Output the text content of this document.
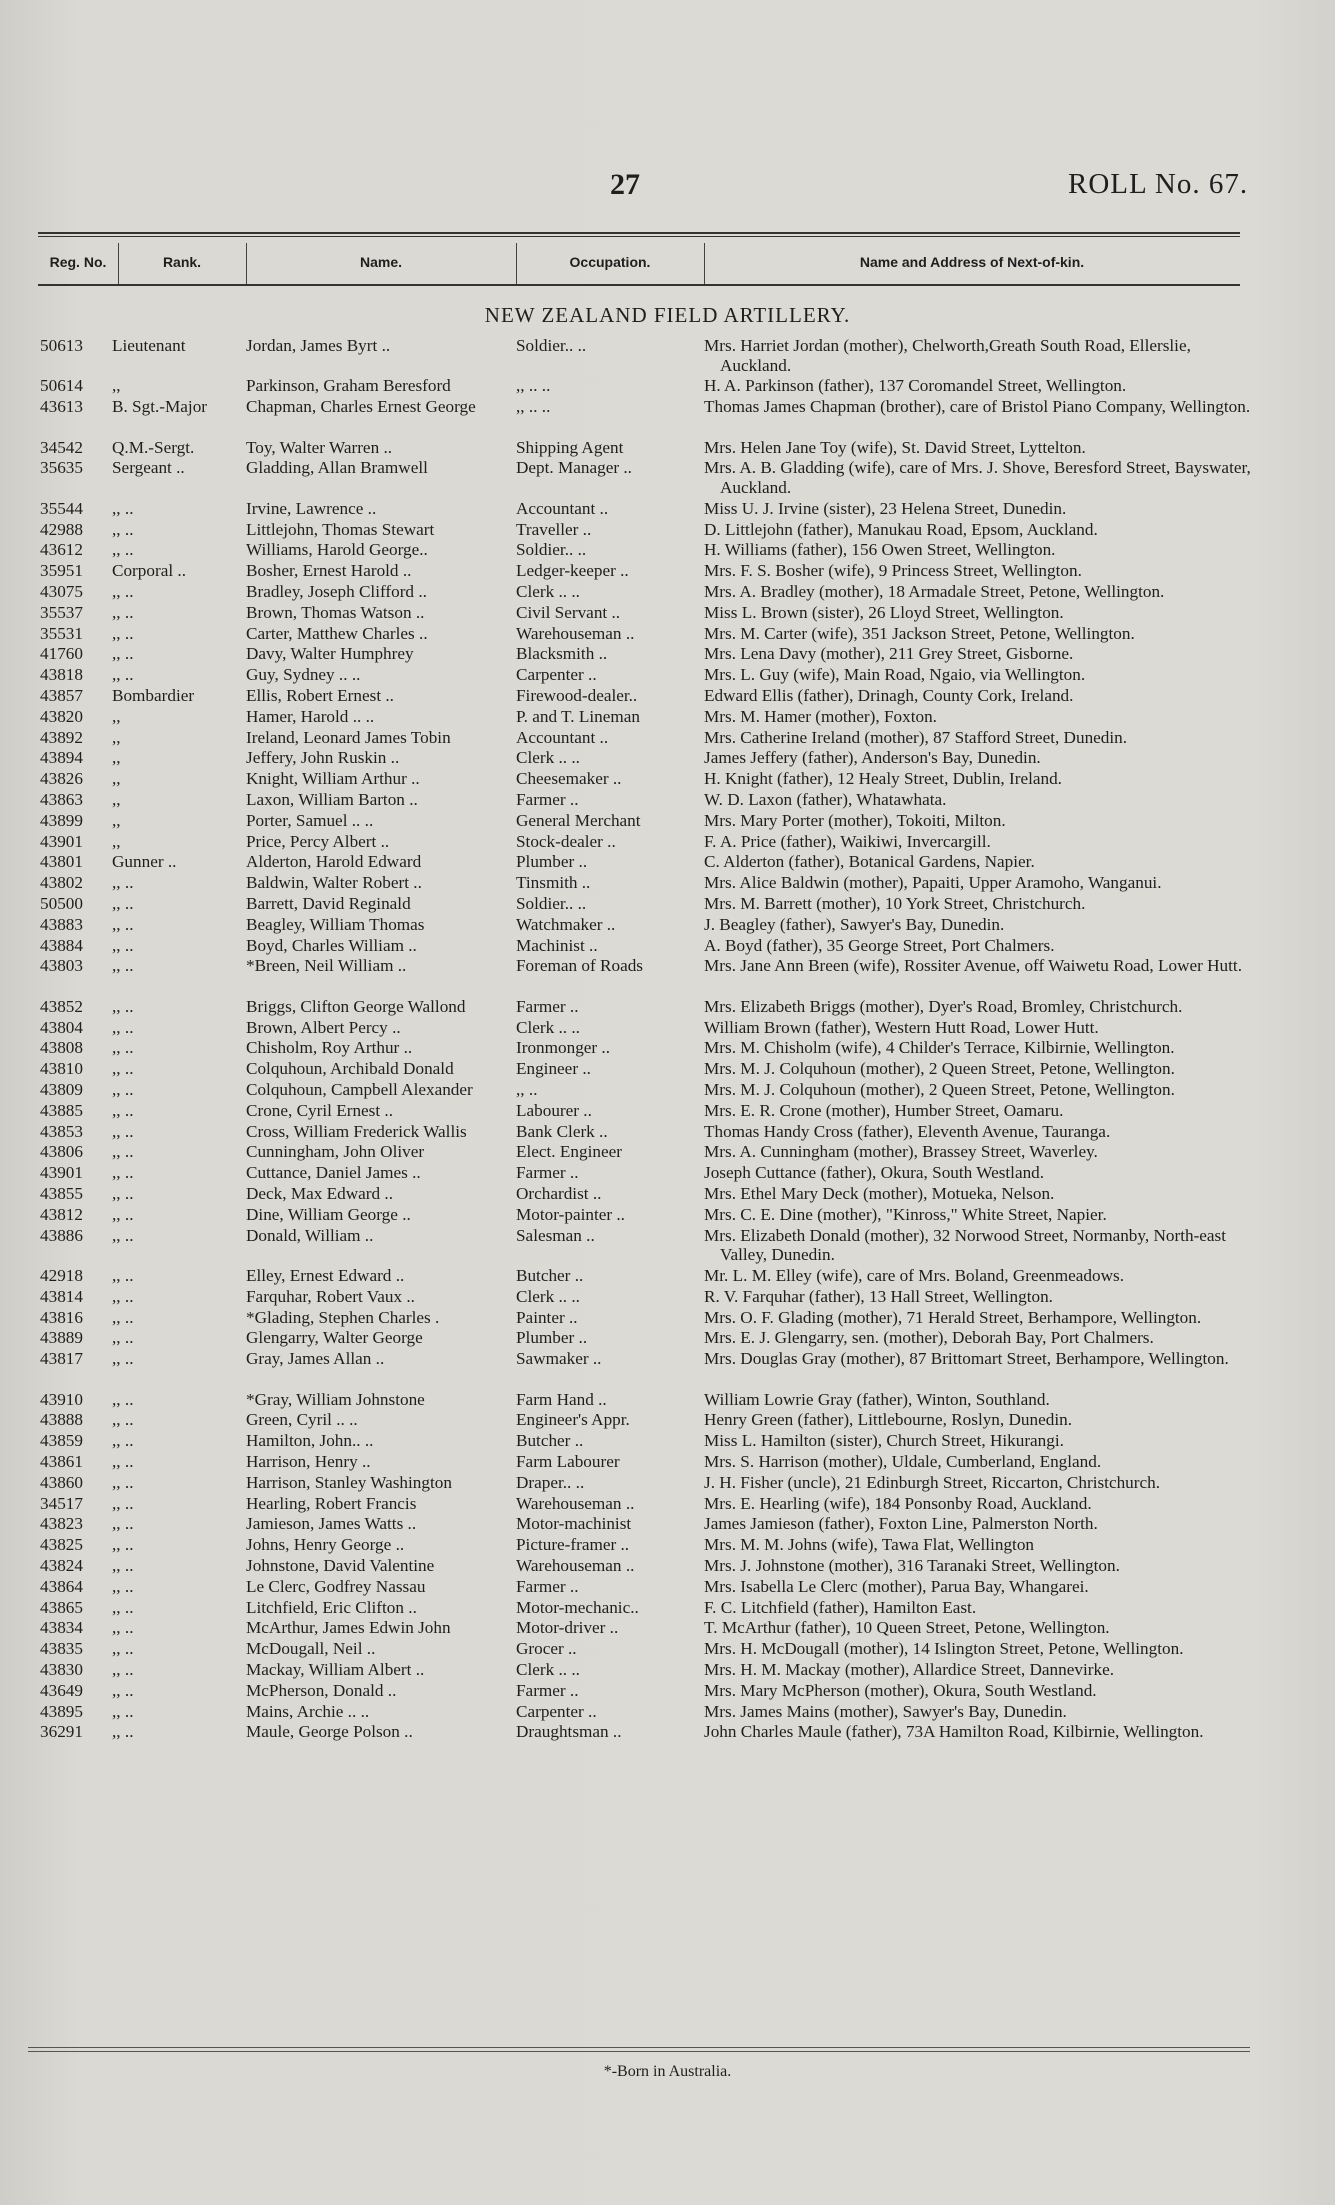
27	ROLL No. 67.
Reg. No.	Rank.	Name.	Occupation.	Name and Address of Next-of-kin.
NEW ZEALAND FIELD ARTILLERY.
50613	Lieutenant	Jordan, James Byrt ..	Soldier.. ..	Mrs. Harriet Jordan (mother), Chelworth,Greath South Road, Ellerslie, Auckland.
50614	,,	Parkinson, Graham Beresford	,, .. ..	H. A. Parkinson (father), 137 Coromandel Street, Wellington.
43613	B. Sgt.-Major	Chapman, Charles Ernest George	,, .. ..	Thomas James Chapman (brother), care of Bristol Piano Company, Wellington.
34542	Q.M.-Sergt.	Toy, Walter Warren ..	Shipping Agent	Mrs. Helen Jane Toy (wife), St. David Street, Lyttelton.
35635	Sergeant ..	Gladding, Allan Bramwell	Dept. Manager ..	Mrs. A. B. Gladding (wife), care of Mrs. J. Shove, Beresford Street, Bayswater, Auckland.
35544	,, ..	Irvine, Lawrence ..	Accountant ..	Miss U. J. Irvine (sister), 23 Helena Street, Dunedin.
42988	,, ..	Littlejohn, Thomas Stewart	Traveller ..	D. Littlejohn (father), Manukau Road, Epsom, Auckland.
43612	,, ..	Williams, Harold George..	Soldier.. ..	H. Williams (father), 156 Owen Street, Wellington.
35951	Corporal ..	Bosher, Ernest Harold ..	Ledger-keeper ..	Mrs. F. S. Bosher (wife), 9 Princess Street, Wellington.
43075	,, ..	Bradley, Joseph Clifford ..	Clerk .. ..	Mrs. A. Bradley (mother), 18 Armadale Street, Petone, Wellington.
35537	,, ..	Brown, Thomas Watson ..	Civil Servant ..	Miss L. Brown (sister), 26 Lloyd Street, Wellington.
35531	,, ..	Carter, Matthew Charles ..	Warehouseman ..	Mrs. M. Carter (wife), 351 Jackson Street, Petone, Wellington.
41760	,, ..	Davy, Walter Humphrey	Blacksmith ..	Mrs. Lena Davy (mother), 211 Grey Street, Gisborne.
43818	,, ..	Guy, Sydney .. ..	Carpenter ..	Mrs. L. Guy (wife), Main Road, Ngaio, via Wellington.
43857	Bombardier	Ellis, Robert Ernest ..	Firewood-dealer..	Edward Ellis (father), Drinagh, County Cork, Ireland.
43820	,,	Hamer, Harold .. ..	P. and T. Lineman	Mrs. M. Hamer (mother), Foxton.
43892	,,	Ireland, Leonard James Tobin	Accountant ..	Mrs. Catherine Ireland (mother), 87 Stafford Street, Dunedin.
43894	,,	Jeffery, John Ruskin ..	Clerk .. ..	James Jeffery (father), Anderson's Bay, Dunedin.
43826	,,	Knight, William Arthur ..	Cheesemaker ..	H. Knight (father), 12 Healy Street, Dublin, Ireland.
43863	,,	Laxon, William Barton ..	Farmer ..	W. D. Laxon (father), Whatawhata.
43899	,,	Porter, Samuel .. ..	General Merchant	Mrs. Mary Porter (mother), Tokoiti, Milton.
43901	,,	Price, Percy Albert ..	Stock-dealer ..	F. A. Price (father), Waikiwi, Invercargill.
43801	Gunner ..	Alderton, Harold Edward	Plumber ..	C. Alderton (father), Botanical Gardens, Napier.
43802	,, ..	Baldwin, Walter Robert ..	Tinsmith ..	Mrs. Alice Baldwin (mother), Papaiti, Upper Aramoho, Wanganui.
50500	,, ..	Barrett, David Reginald	Soldier.. ..	Mrs. M. Barrett (mother), 10 York Street, Christchurch.
43883	,, ..	Beagley, William Thomas	Watchmaker ..	J. Beagley (father), Sawyer's Bay, Dunedin.
43884	,, ..	Boyd, Charles William ..	Machinist ..	A. Boyd (father), 35 George Street, Port Chalmers.
43803	,, ..	*Breen, Neil William ..	Foreman of Roads	Mrs. Jane Ann Breen (wife), Rossiter Avenue, off Waiwetu Road, Lower Hutt.
43852	,, ..	Briggs, Clifton George Wallond	Farmer ..	Mrs. Elizabeth Briggs (mother), Dyer's Road, Bromley, Christchurch.
43804	,, ..	Brown, Albert Percy ..	Clerk .. ..	William Brown (father), Western Hutt Road, Lower Hutt.
43808	,, ..	Chisholm, Roy Arthur ..	Ironmonger ..	Mrs. M. Chisholm (wife), 4 Childer's Terrace, Kilbirnie, Wellington.
43810	,, ..	Colquhoun, Archibald Donald	Engineer ..	Mrs. M. J. Colquhoun (mother), 2 Queen Street, Petone, Wellington.
43809	,, ..	Colquhoun, Campbell Alexander	,, ..	Mrs. M. J. Colquhoun (mother), 2 Queen Street, Petone, Wellington.
43885	,, ..	Crone, Cyril Ernest ..	Labourer ..	Mrs. E. R. Crone (mother), Humber Street, Oamaru.
43853	,, ..	Cross, William Frederick Wallis	Bank Clerk ..	Thomas Handy Cross (father), Eleventh Avenue, Tauranga.
43806	,, ..	Cunningham, John Oliver	Elect. Engineer	Mrs. A. Cunningham (mother), Brassey Street, Waverley.
43901	,, ..	Cuttance, Daniel James ..	Farmer ..	Joseph Cuttance (father), Okura, South Westland.
43855	,, ..	Deck, Max Edward ..	Orchardist ..	Mrs. Ethel Mary Deck (mother), Motueka, Nelson.
43812	,, ..	Dine, William George ..	Motor-painter ..	Mrs. C. E. Dine (mother), "Kinross," White Street, Napier.
43886	,, ..	Donald, William ..	Salesman ..	Mrs. Elizabeth Donald (mother), 32 Norwood Street, Normanby, North-east Valley, Dunedin.
42918	,, ..	Elley, Ernest Edward ..	Butcher ..	Mr. L. M. Elley (wife), care of Mrs. Boland, Greenmeadows.
43814	,, ..	Farquhar, Robert Vaux ..	Clerk .. ..	R. V. Farquhar (father), 13 Hall Street, Wellington.
43816	,, ..	*Glading, Stephen Charles .	Painter ..	Mrs. O. F. Glading (mother), 71 Herald Street, Berhampore, Wellington.
43889	,, ..	Glengarry, Walter George	Plumber ..	Mrs. E. J. Glengarry, sen. (mother), Deborah Bay, Port Chalmers.
43817	,, ..	Gray, James Allan ..	Sawmaker ..	Mrs. Douglas Gray (mother), 87 Brittomart Street, Berhampore, Wellington.
43910	,, ..	*Gray, William Johnstone	Farm Hand ..	William Lowrie Gray (father), Winton, Southland.
43888	,, ..	Green, Cyril .. ..	Engineer's Appr.	Henry Green (father), Littlebourne, Roslyn, Dunedin.
43859	,, ..	Hamilton, John.. ..	Butcher ..	Miss L. Hamilton (sister), Church Street, Hikurangi.
43861	,, ..	Harrison, Henry ..	Farm Labourer	Mrs. S. Harrison (mother), Uldale, Cumberland, England.
43860	,, ..	Harrison, Stanley Washington	Draper.. ..	J. H. Fisher (uncle), 21 Edinburgh Street, Riccarton, Christchurch.
34517	,, ..	Hearling, Robert Francis	Warehouseman ..	Mrs. E. Hearling (wife), 184 Ponsonby Road, Auckland.
43823	,, ..	Jamieson, James Watts ..	Motor-machinist	James Jamieson (father), Foxton Line, Palmerston North.
43825	,, ..	Johns, Henry George ..	Picture-framer ..	Mrs. M. M. Johns (wife), Tawa Flat, Wellington
43824	,, ..	Johnstone, David Valentine	Warehouseman ..	Mrs. J. Johnstone (mother), 316 Taranaki Street, Wellington.
43864	,, ..	Le Clerc, Godfrey Nassau	Farmer ..	Mrs. Isabella Le Clerc (mother), Parua Bay, Whangarei.
43865	,, ..	Litchfield, Eric Clifton ..	Motor-mechanic..	F. C. Litchfield (father), Hamilton East.
43834	,, ..	McArthur, James Edwin John	Motor-driver ..	T. McArthur (father), 10 Queen Street, Petone, Wellington.
43835	,, ..	McDougall, Neil ..	Grocer ..	Mrs. H. McDougall (mother), 14 Islington Street, Petone, Wellington.
43830	,, ..	Mackay, William Albert ..	Clerk .. ..	Mrs. H. M. Mackay (mother), Allardice Street, Dannevirke.
43649	,, ..	McPherson, Donald ..	Farmer ..	Mrs. Mary McPherson (mother), Okura, South Westland.
43895	,, ..	Mains, Archie .. ..	Carpenter ..	Mrs. James Mains (mother), Sawyer's Bay, Dunedin.
36291	,, ..	Maule, George Polson ..	Draughtsman ..	John Charles Maule (father), 73A Hamilton Road, Kilbirnie, Wellington.
*-Born in Australia.
